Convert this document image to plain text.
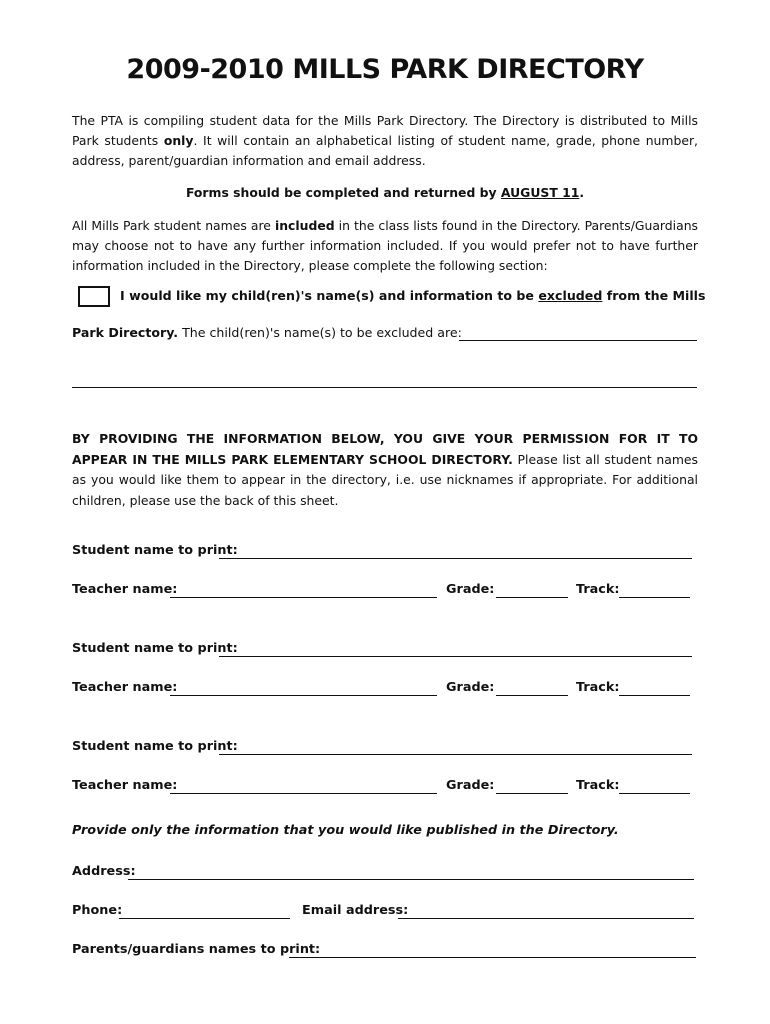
2009-2010 MILLS PARK DIRECTORY
The PTA is compiling student data for the Mills Park Directory. The Directory is distributed to Mills Park students only. It will contain an alphabetical listing of student name, grade, phone number, address, parent/guardian information and email address.
Forms should be completed and returned by AUGUST 11.
All Mills Park student names are included in the class lists found in the Directory. Parents/Guardians may choose not to have any further information included. If you would prefer not to have further information included in the Directory, please complete the following section:
I would like my child(ren)'s name(s) and information to be excluded from the Mills
Park Directory. The child(ren)'s name(s) to be excluded are:
BY PROVIDING THE INFORMATION BELOW, YOU GIVE YOUR PERMISSION FOR IT TO APPEAR IN THE MILLS PARK ELEMENTARY SCHOOL DIRECTORY. Please list all student names as you would like them to appear in the directory, i.e. use nicknames if appropriate. For additional children, please use the back of this sheet.
Student name to print:
Teacher name:	Grade:	Track:
Student name to print:
Teacher name:	Grade:	Track:
Student name to print:
Teacher name:	Grade:	Track:
Provide only the information that you would like published in the Directory.
Address:
Phone:	Email address:
Parents/guardians names to print:
